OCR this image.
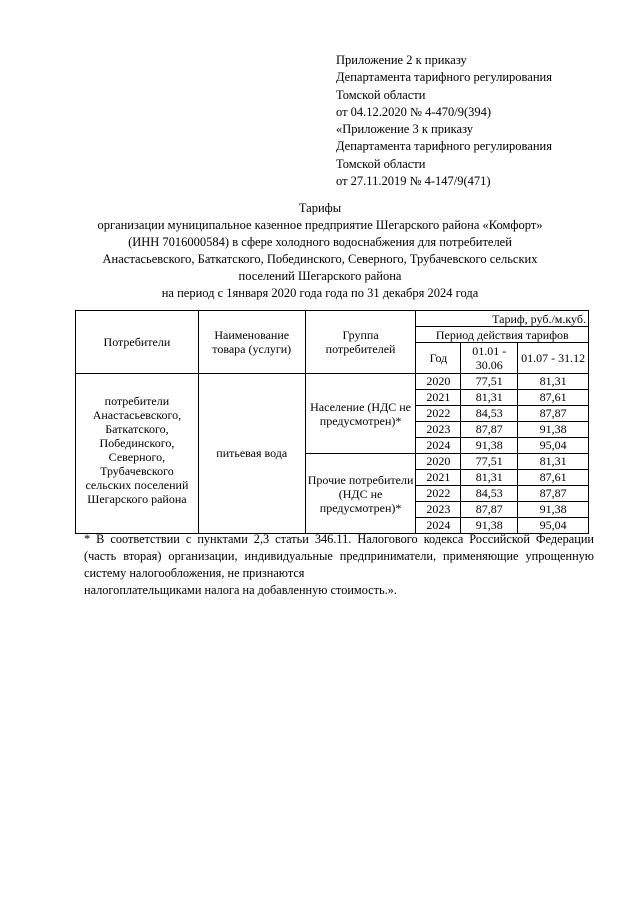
Приложение 2 к приказу
Департамента тарифного регулирования
Томской области
от 04.12.2020 № 4-470/9(394)
«Приложение 3 к приказу
Департамента тарифного регулирования
Томской области
от 27.11.2019 № 4-147/9(471)
Тарифы
организации муниципальное казенное предприятие Шегарского района «Комфорт»
(ИНН 7016000584) в сфере холодного водоснабжения для потребителей
Анастасьевского, Баткатского, Побединского, Северного, Трубачевского сельских
поселений Шегарского района
на период с 1января 2020 года года по 31 декабря 2024 года
Потребители	Наименование товара (услуги)	Группа потребителей	Тариф, руб./м.куб.		
			Период действия тарифов		
			Год	01.01 - 30.06	01.07 - 31.12
потребители Анастасьевского, Баткатского, Побединского, Северного, Трубачевского сельских поселений Шегарского района	питьевая вода	Население (НДС не предусмотрен)*	2020	77,51	81,31
			2021	81,31	87,61
			2022	84,53	87,87
			2023	87,87	91,38
			2024	91,38	95,04
		Прочие потребители (НДС не предусмотрен)*	2020	77,51	81,31
			2021	81,31	87,61
			2022	84,53	87,87
			2023	87,87	91,38
			2024	91,38	95,04
* В соответствии с пунктами 2,3 статьи 346.11. Налогового кодекса Российской Федерации (часть вторая) организации, индивидуальные предприниматели, применяющие упрощенную систему налогообложения, не признаются
налогоплательщиками налога на добавленную стоимость.».
